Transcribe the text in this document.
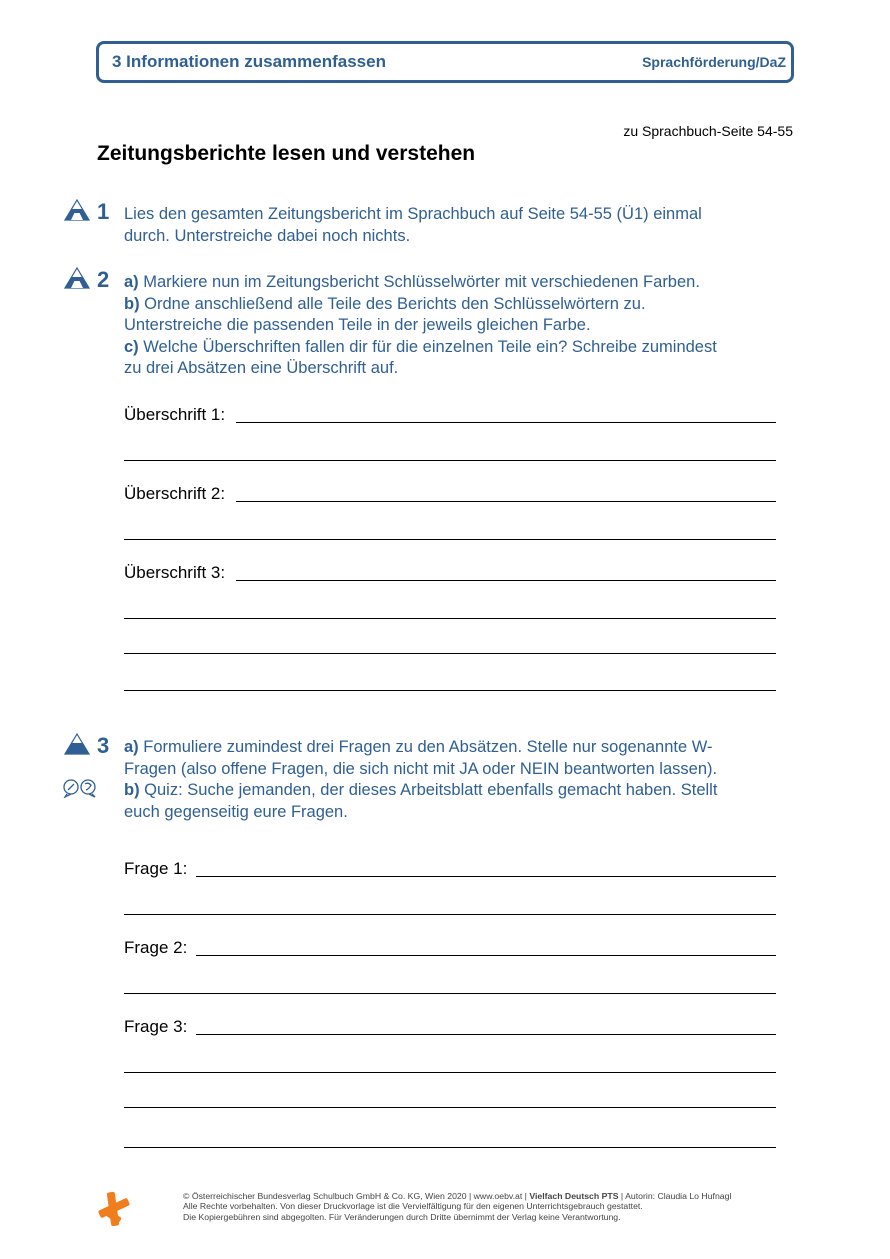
3 Informationen zusammenfassen	Sprachförderung/DaZ
zu Sprachbuch-Seite 54-55
Zeitungsberichte lesen und verstehen
1 Lies den gesamten Zeitungsbericht im Sprachbuch auf Seite 54-55 (Ü1) einmal
durch. Unterstreiche dabei noch nichts.
2 a) Markiere nun im Zeitungsbericht Schlüsselwörter mit verschiedenen Farben.
b) Ordne anschließend alle Teile des Berichts den Schlüsselwörtern zu.
Unterstreiche die passenden Teile in der jeweils gleichen Farbe.
c) Welche Überschriften fallen dir für die einzelnen Teile ein? Schreibe zumindest
zu drei Absätzen eine Überschrift auf.
Überschrift 1:
Überschrift 2:
Überschrift 3:
3 a) Formuliere zumindest drei Fragen zu den Absätzen. Stelle nur sogenannte W-
Fragen (also offene Fragen, die sich nicht mit JA oder NEIN beantworten lassen).
b) Quiz: Suche jemanden, der dieses Arbeitsblatt ebenfalls gemacht haben. Stellt
euch gegenseitig eure Fragen.
Frage 1:
Frage 2:
Frage 3:
© Österreichischer Bundesverlag Schulbuch GmbH & Co. KG, Wien 2020 | www.oebv.at | Vielfach Deutsch PTS | Autorin: Claudia Lo Hufnagl
Alle Rechte vorbehalten. Von dieser Druckvorlage ist die Vervielfältigung für den eigenen Unterrichtsgebrauch gestattet.
Die Kopiergebühren sind abgegolten. Für Veränderungen durch Dritte übernimmt der Verlag keine Verantwortung.
